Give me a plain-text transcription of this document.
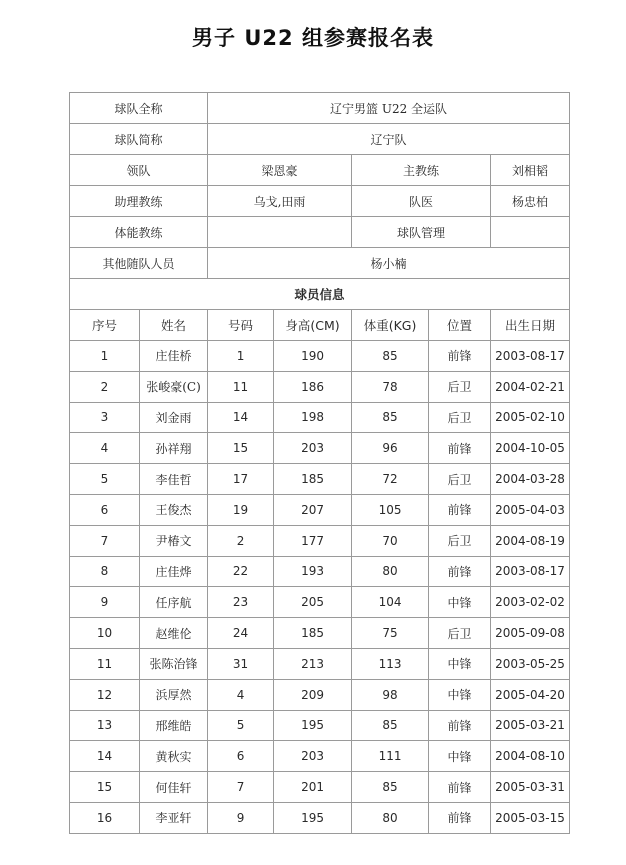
男子 U22 组参赛报名表
球队全称		辽宁男篮 U22 全运队				
球队简称		辽宁队				
领队		梁恩豪		主教练		刘相韬
助理教练		乌戈,田雨		队医		杨忠柏
体能教练				球队管理		
其他随队人员		杨小楠				
球员信息						
序号	姓名	号码	身高(CM)	体重(KG)	位置	出生日期
1	庄佳桥	1	190	85	前锋	2003-08-17
2	张峻豪(C)	11	186	78	后卫	2004-02-21
3	刘金雨	14	198	85	后卫	2005-02-10
4	孙祥翔	15	203	96	前锋	2004-10-05
5	李佳哲	17	185	72	后卫	2004-03-28
6	王俊杰	19	207	105	前锋	2005-04-03
7	尹椿文	2	177	70	后卫	2004-08-19
8	庄佳烨	22	193	80	前锋	2003-08-17
9	任序航	23	205	104	中锋	2003-02-02
10	赵维伦	24	185	75	后卫	2005-09-08
11	张陈治锋	31	213	113	中锋	2003-05-25
12	浜厚然	4	209	98	中锋	2005-04-20
13	邢维皓	5	195	85	前锋	2005-03-21
14	黄秋实	6	203	111	中锋	2004-08-10
15	何佳轩	7	201	85	前锋	2005-03-31
16	李亚轩	9	195	80	前锋	2005-03-15
